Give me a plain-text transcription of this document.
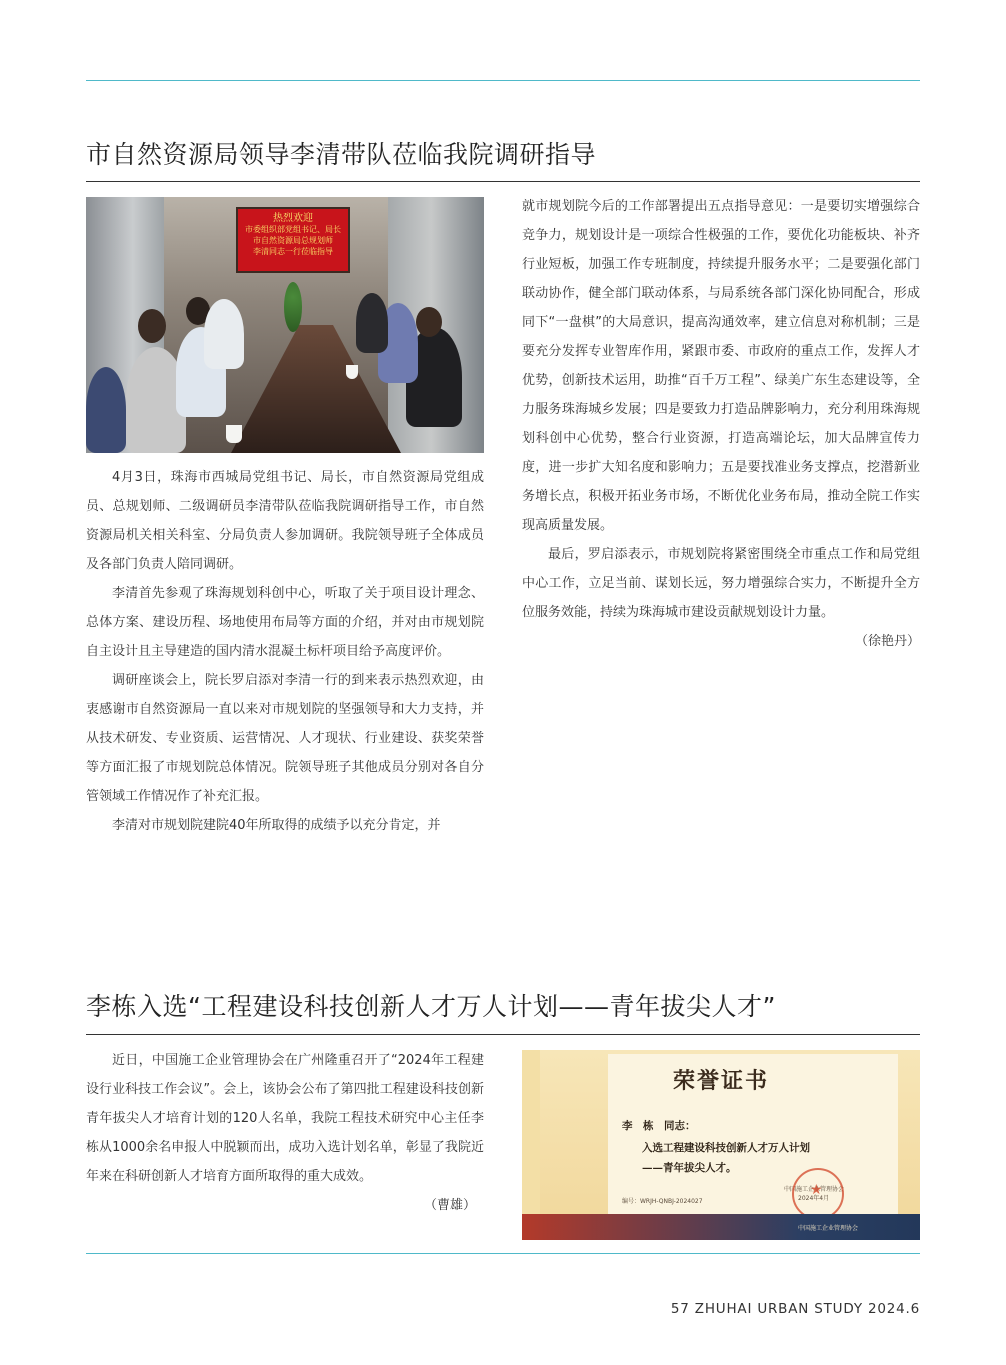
市自然资源局领导李清带队莅临我院调研指导
热烈欢迎
市委组织部党组书记、局长
市自然资源局总规划师
李清同志一行莅临指导

4月3日，珠海市西城局党组书记、局长，市自然资源局党组成员、总规划师、二级调研员李清带队莅临我院调研指导工作，市自然资源局机关相关科室、分局负责人参加调研。我院领导班子全体成员及各部门负责人陪同调研。

李清首先参观了珠海规划科创中心，听取了关于项目设计理念、总体方案、建设历程、场地使用布局等方面的介绍，并对由市规划院自主设计且主导建造的国内清水混凝土标杆项目给予高度评价。

调研座谈会上，院长罗启添对李清一行的到来表示热烈欢迎，由衷感谢市自然资源局一直以来对市规划院的坚强领导和大力支持，并从技术研发、专业资质、运营情况、人才现状、行业建设、获奖荣誉等方面汇报了市规划院总体情况。院领导班子其他成员分别对各自分管领域工作情况作了补充汇报。

李清对市规划院建院40年所取得的成绩予以充分肯定，并

就市规划院今后的工作部署提出五点指导意见：一是要切实增强综合竞争力，规划设计是一项综合性极强的工作，要优化功能板块、补齐行业短板，加强工作专班制度，持续提升服务水平；二是要强化部门联动协作，健全部门联动体系，与局系统各部门深化协同配合，形成同下“一盘棋”的大局意识，提高沟通效率，建立信息对称机制；三是要充分发挥专业智库作用，紧跟市委、市政府的重点工作，发挥人才优势，创新技术运用，助推“百千万工程”、绿美广东生态建设等，全力服务珠海城乡发展；四是要致力打造品牌影响力，充分利用珠海规划科创中心优势，整合行业资源，打造高端论坛，加大品牌宣传力度，进一步扩大知名度和影响力；五是要找准业务支撑点，挖潜新业务增长点，积极开拓业务市场，不断优化业务布局，推动全院工作实现高质量发展。

最后，罗启添表示，市规划院将紧密围绕全市重点工作和局党组中心工作，立足当前、谋划长远，努力增强综合实力，不断提升全方位服务效能，持续为珠海城市建设贡献规划设计力量。

（徐艳丹）

李栋入选“工程建设科技创新人才万人计划——青年拔尖人才”

近日，中国施工企业管理协会在广州隆重召开了“2024年工程建设行业科技工作会议”。会上，该协会公布了第四批工程建设科技创新青年拔尖人才培育计划的120人名单，我院工程技术研究中心主任李栋从1000余名申报人中脱颖而出，成功入选计划名单，彰显了我院近年来在科研创新人才培育方面所取得的重大成效。

（曹雄）

荣誉证书
李　栋　同志：
入选工程建设科技创新人才万人计划
——青年拔尖人才。
编号：WRJH-QNBJ-2024027
中国施工企业管理协会
2024年4月
★
中国施工企业管理协会
57 ZHUHAI URBAN STUDY 2024.6
